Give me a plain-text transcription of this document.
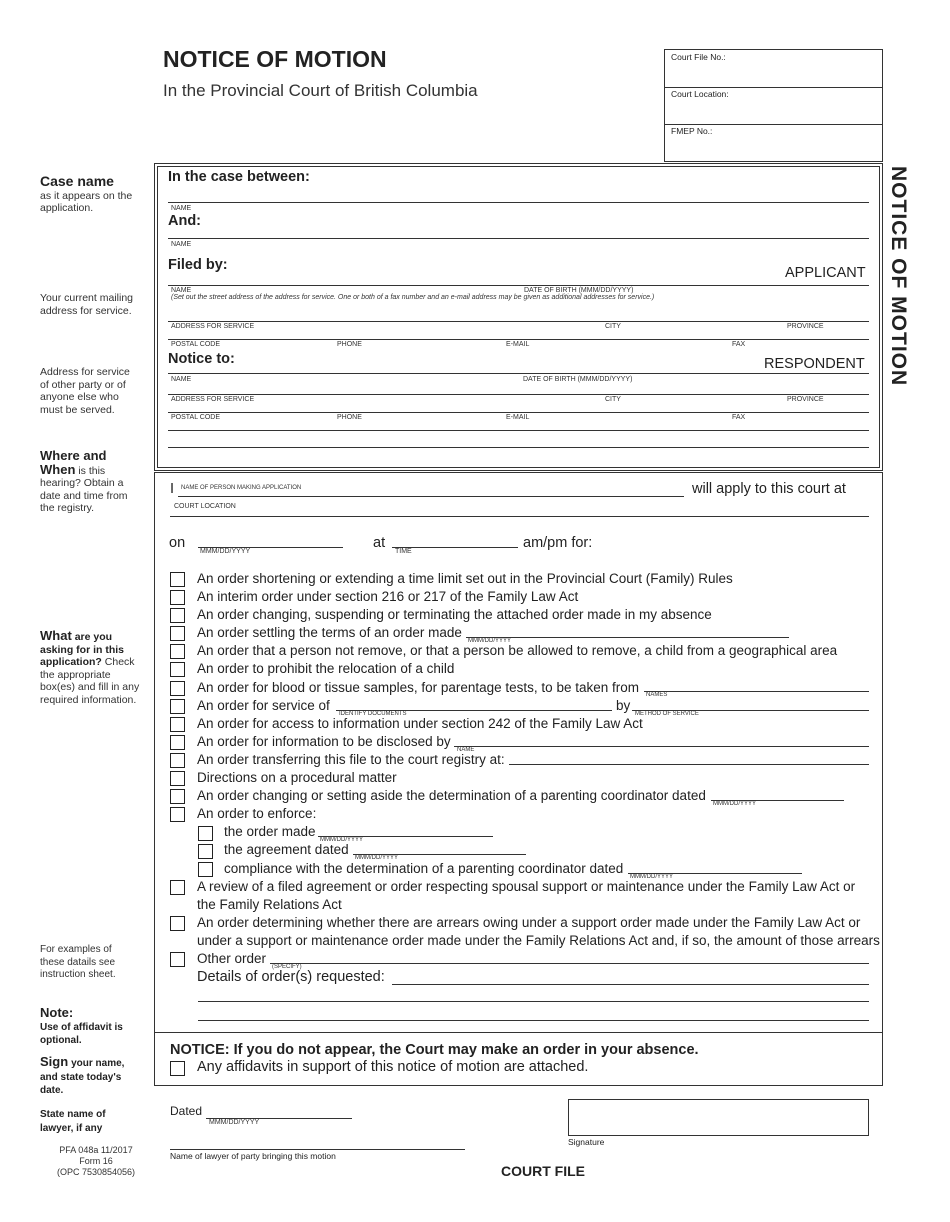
NOTICE OF MOTION
In the Provincial Court of British Columbia
Court File No.:
Court Location:
FMEP No.:
NOTICE OF MOTION
Case name
as it appears on the application.
Your current mailing address for service.
Address for service of other party or of anyone else who must be served.
Where and
When is this hearing? Obtain a date and time from the registry.
What are you asking for in this application? Check the appropriate box(es) and fill in any required information.
For examples of these datails see instruction sheet.
Note:
Use of affidavit is optional.
Sign your name, and state today's date.
State name of lawyer, if any
PFA 048a 11/2017
Form 16
(OPC 7530854056)
In the case between:
NAME
And:
NAME
Filed by:	APPLICANT
NAME	DATE OF BIRTH (MMM/DD/YYYY)
(Set out the street address of the address for service. One or both of a fax number and an e-mail address may be given as additional addresses for service.)
ADDRESS FOR SERVICE	CITY	PROVINCE
POSTAL CODE	PHONE	E-MAIL	FAX
Notice to:	RESPONDENT
NAME	DATE OF BIRTH (MMM/DD/YYYY)
ADDRESS FOR SERVICE	CITY	PROVINCE
POSTAL CODE	PHONE	E-MAIL	FAX
I NAME OF PERSON MAKING APPLICATION	will apply to this court at
COURT LOCATION
on
MMM/DD/YYYY
at
TIME
am/pm for:
An order shortening or extending a time limit set out in the Provincial Court (Family) Rules
An interim order under section 216 or 217 of the Family Law Act
An order changing, suspending or terminating the attached order made in my absence
An order settling the terms of an order made
MMM/DD/YYYY
An order that a person not remove, or that a person be allowed to remove, a child from a geographical area
An order to prohibit the relocation of a child
An order for blood or tissue samples, for parentage tests, to be taken from NAMES
An order for service of
IDENTIFY DOCUMENTS
by
METHOD OF SERVICE
An order for access to information under section 242 of the Family Law Act
An order for information to be disclosed by
NAME
An order transferring this file to the court registry at:
Directions on a procedural matter
An order changing or setting aside the determination of a parenting coordinator dated
MMM/DD/YYYY
An order to enforce:
the order made
MMM/DD/YYYY
the agreement dated
MMM/DD/YYYY
compliance with the determination of a parenting coordinator dated
MMM/DD/YYYY
A review of a filed agreement or order respecting spousal support or maintenance under the Family Law Act or
the Family Relations Act
An order determining whether there are arrears owing under a support order made under the Family Law Act or
under a support or maintenance order made under the Family Relations Act and, if so, the amount of those arrears
Other order
(SPECIFY)
Details of order(s) requested:
NOTICE: If you do not appear, the Court may make an order in your absence.
Any affidavits in support of this notice of motion are attached.
Dated
MMM/DD/YYYY
Name of lawyer of party bringing this motion
Signature
COURT FILE
